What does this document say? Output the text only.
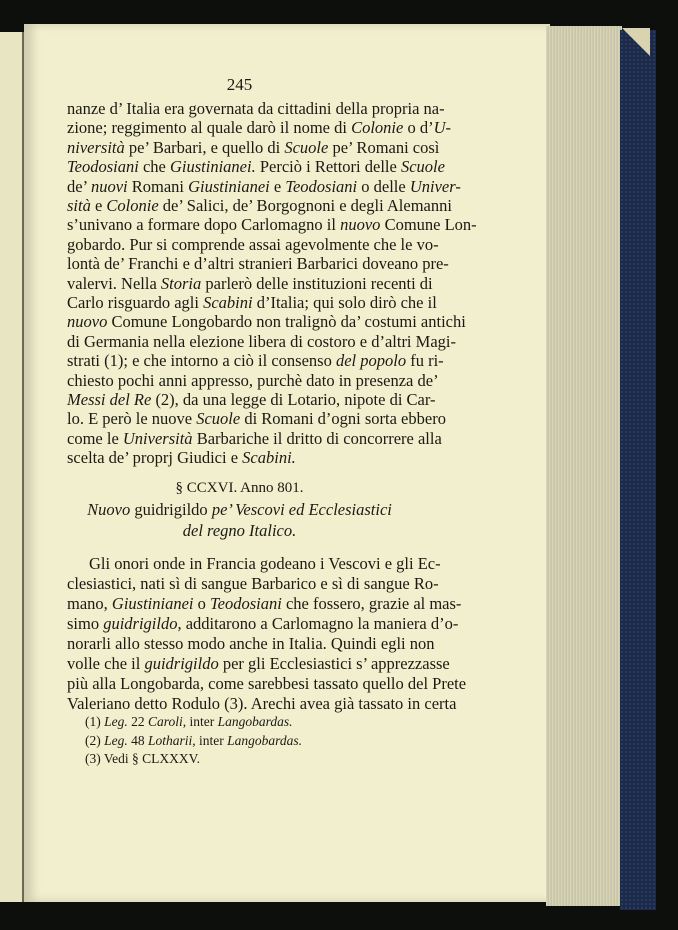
245
nanze d’ Italia era governata da cittadini della propria na-
zione; reggimento al quale darò il nome di Colonie o d’U-
niversità pe’ Barbari, e quello di Scuole pe’ Romani così
Teodosiani che Giustinianei. Perciò i Rettori delle Scuole
de’ nuovi Romani Giustinianei e Teodosiani o delle Univer-
sità e Colonie de’ Salici, de’ Borgognoni e degli Alemanni
s’univano a formare dopo Carlomagno il nuovo Comune Lon-
gobardo. Pur si comprende assai agevolmente che le vo-
lontà de’ Franchi e d’altri stranieri Barbarici doveano pre-
valervi. Nella Storia parlerò delle instituzioni recenti di
Carlo risguardo agli Scabini d’Italia; qui solo dirò che il
nuovo Comune Longobardo non tralignò da’ costumi antichi
di Germania nella elezione libera di costoro e d’altri Magi-
strati (1); e che intorno a ciò il consenso del popolo fu ri-
chiesto pochi anni appresso, purchè dato in presenza de’
Messi del Re (2), da una legge di Lotario, nipote di Car-
lo. E però le nuove Scuole di Romani d’ogni sorta ebbero
come le Università Barbariche il dritto di concorrere alla
scelta de’ proprj Giudici e Scabini.
§ CCXVI. Anno 801.
Nuovo guidrigildo pe’ Vescovi ed Ecclesiastici
del regno Italico.
Gli onori onde in Francia godeano i Vescovi e gli Ec-
clesiastici, nati sì di sangue Barbarico e sì di sangue Ro-
mano, Giustinianei o Teodosiani che fossero, grazie al mas-
simo guidrigildo, additarono a Carlomagno la maniera d’o-
norarli allo stesso modo anche in Italia. Quindi egli non
volle che il guidrigildo per gli Ecclesiastici s’ apprezzasse
più alla Longobarda, come sarebbesi tassato quello del Prete
Valeriano detto Rodulo (3). Arechi avea già tassato in certa
(1) Leg. 22 Caroli, inter Langobardas.
(2) Leg. 48 Lotharii, inter Langobardas.
(3) Vedi § CLXXXV.
